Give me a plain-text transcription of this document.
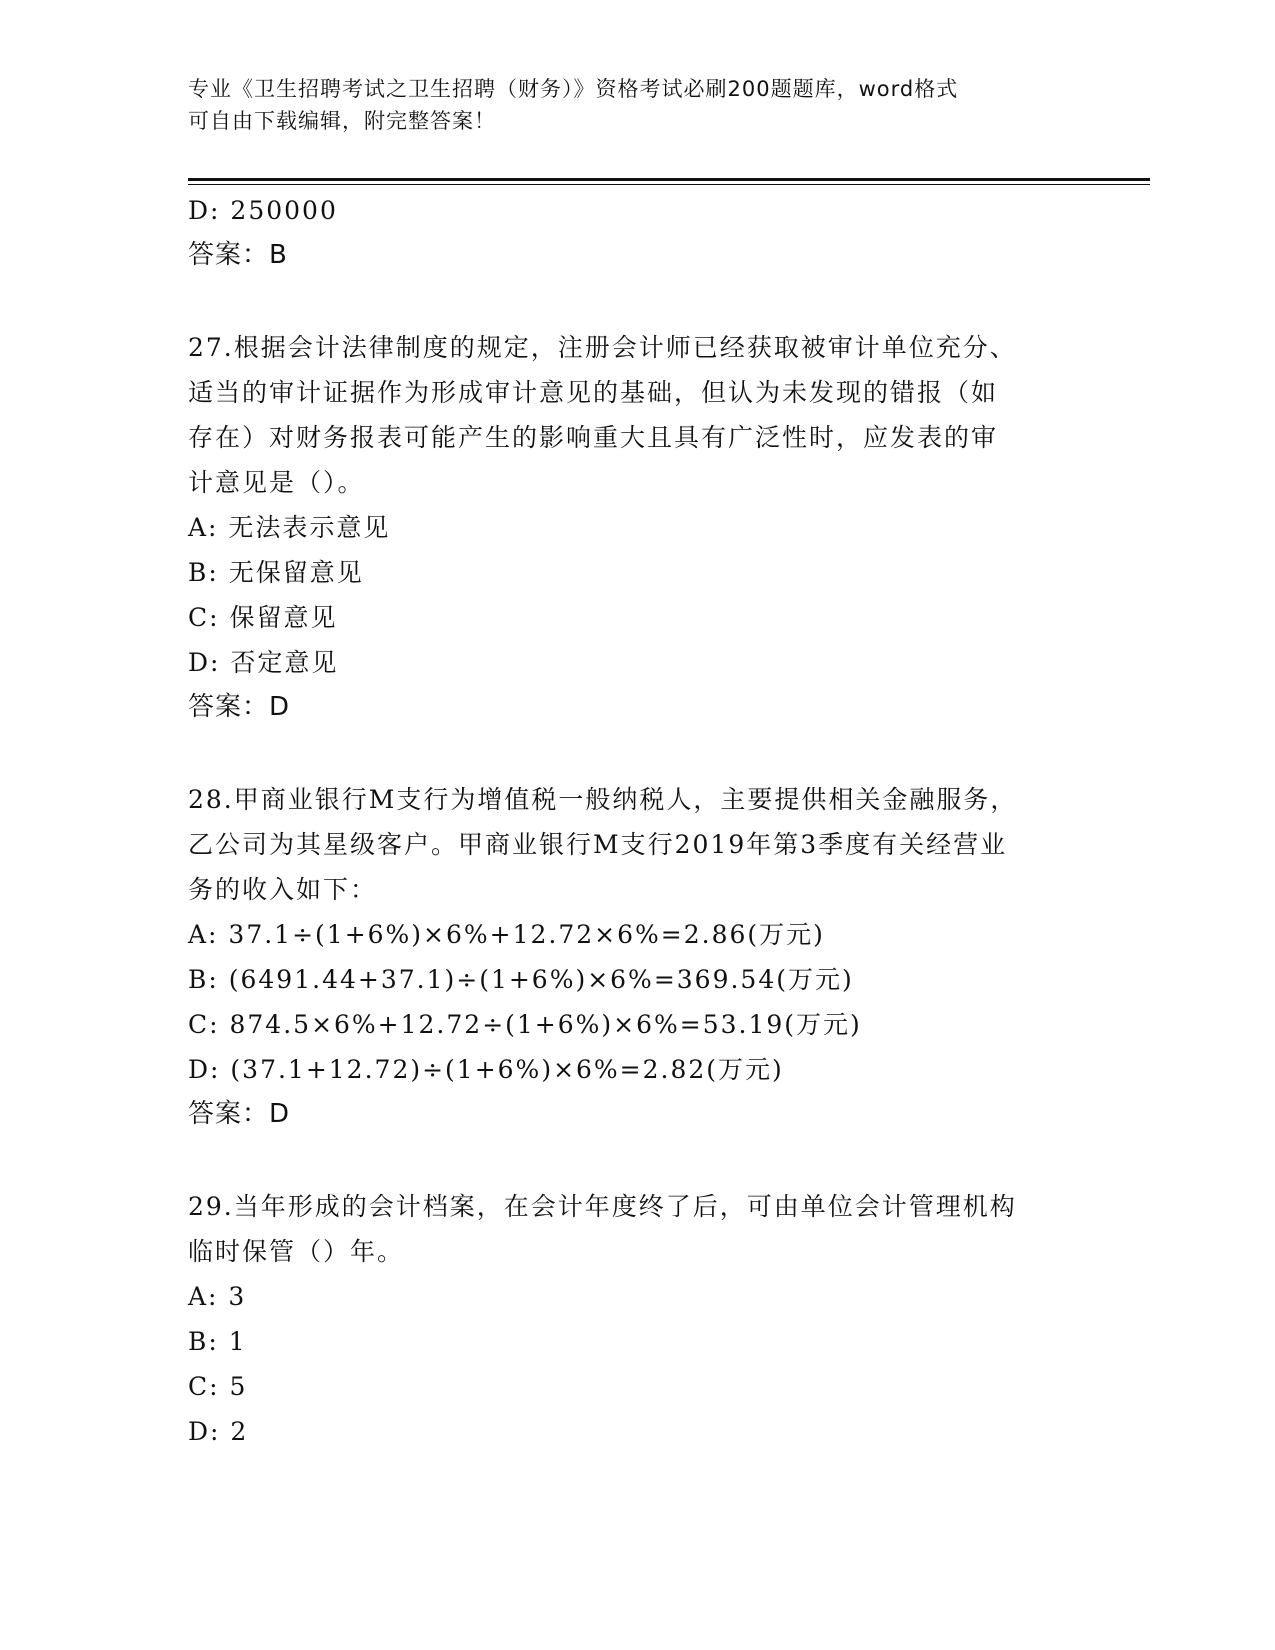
专业《卫生招聘考试之卫生招聘（财务）》资格考试必刷200题题库，word格式
可自由下载编辑，附完整答案！
D: 250000
答案：B
27.根据会计法律制度的规定，注册会计师已经获取被审计单位充分、
适当的审计证据作为形成审计意见的基础，但认为未发现的错报（如
存在）对财务报表可能产生的影响重大且具有广泛性时，应发表的审
计意见是（）。
A: 无法表示意见
B: 无保留意见
C: 保留意见
D: 否定意见
答案：D
28.甲商业银行M支行为增值税一般纳税人，主要提供相关金融服务，
乙公司为其星级客户。甲商业银行M支行2019年第3季度有关经营业
务的收入如下：
A: 37.1÷(1+6%)×6%+12.72×6%=2.86(万元)
B: (6491.44+37.1)÷(1+6%)×6%=369.54(万元)
C: 874.5×6%+12.72÷(1+6%)×6%=53.19(万元)
D: (37.1+12.72)÷(1+6%)×6%=2.82(万元)
答案：D
29.当年形成的会计档案，在会计年度终了后，可由单位会计管理机构
临时保管（）年。
A: 3
B: 1
C: 5
D: 2
